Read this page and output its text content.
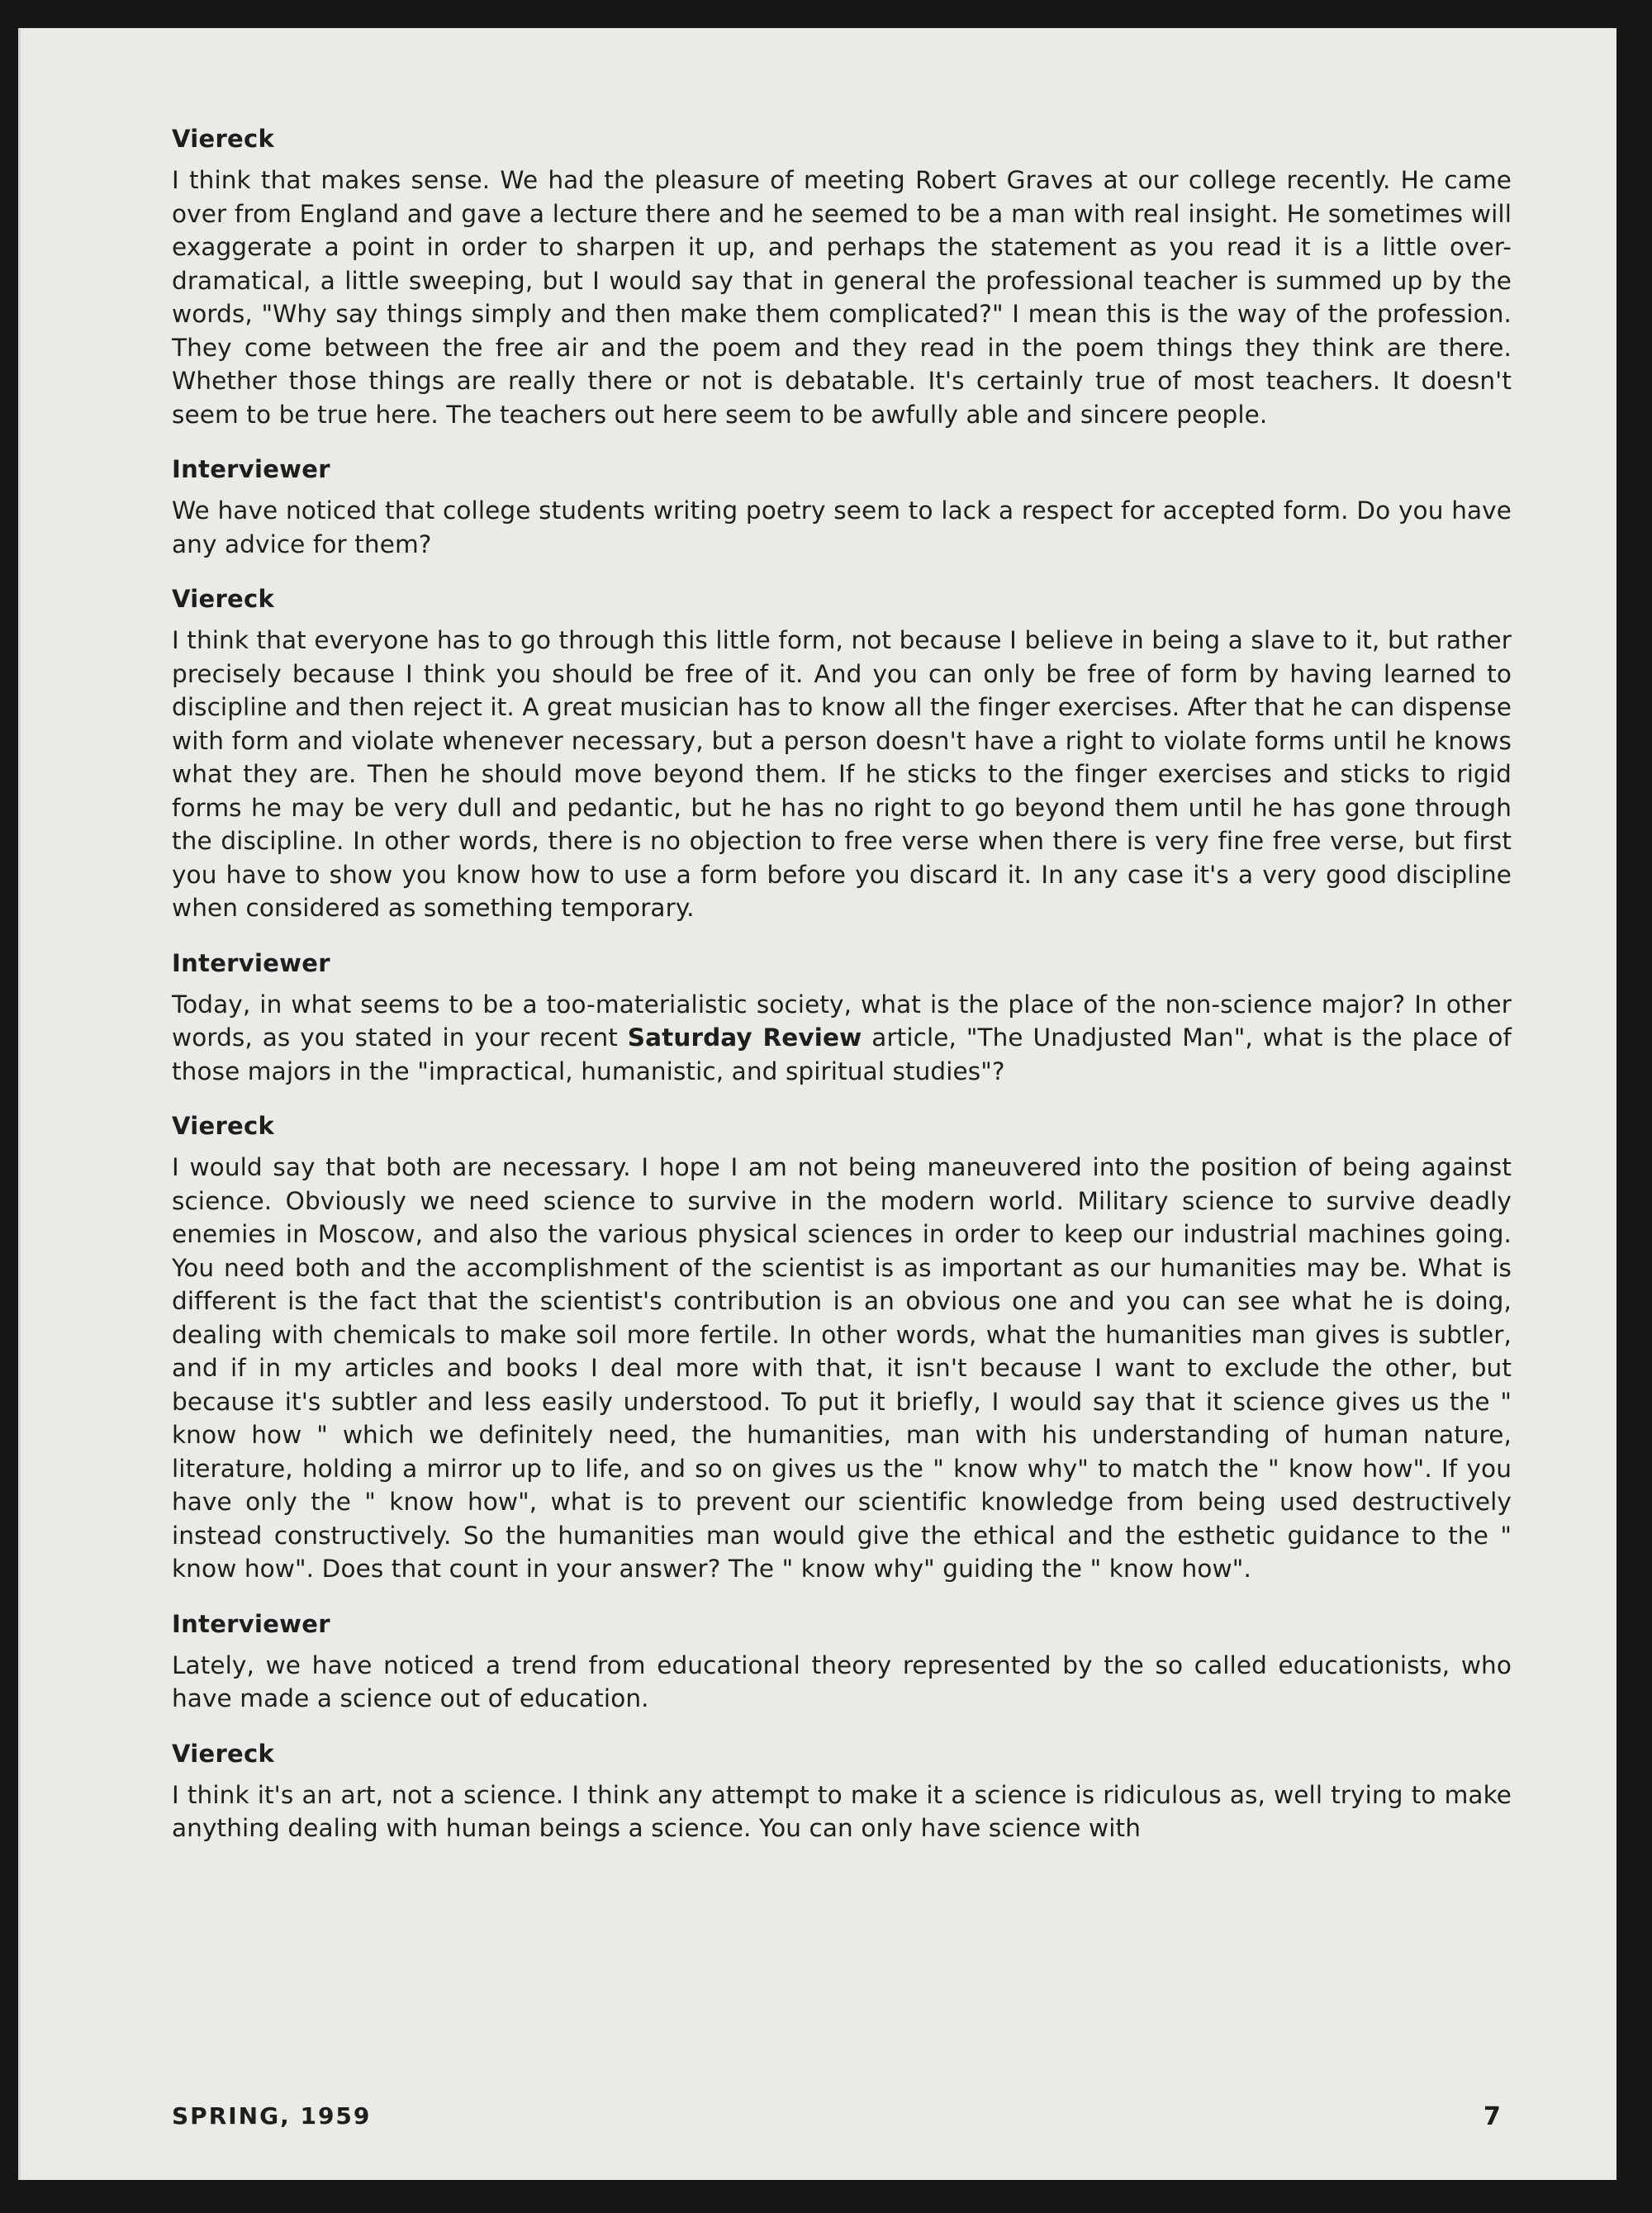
Viereck

I think that makes sense. We had the pleasure of meeting Robert Graves at our college recently. He came over from England and gave a lecture there and he seemed to be a man with real insight. He sometimes will exaggerate a point in order to sharpen it up, and perhaps the statement as you read it is a little over-dramatical, a little sweeping, but I would say that in general the professional teacher is summed up by the words, "Why say things simply and then make them complicated?" I mean this is the way of the profession. They come between the free air and the poem and they read in the poem things they think are there. Whether those things are really there or not is debatable. It's certainly true of most teachers. It doesn't seem to be true here. The teachers out here seem to be awfully able and sincere people.

Interviewer

We have noticed that college students writing poetry seem to lack a respect for accepted form. Do you have any advice for them?

Viereck

I think that everyone has to go through this little form, not because I believe in being a slave to it, but rather precisely because I think you should be free of it. And you can only be free of form by having learned to discipline and then reject it. A great musician has to know all the finger exercises. After that he can dispense with form and violate whenever necessary, but a person doesn't have a right to violate forms until he knows what they are. Then he should move beyond them. If he sticks to the finger exercises and sticks to rigid forms he may be very dull and pedantic, but he has no right to go beyond them until he has gone through the discipline. In other words, there is no objection to free verse when there is very fine free verse, but first you have to show you know how to use a form before you discard it. In any case it's a very good discipline when considered as something temporary.

Interviewer

Today, in what seems to be a too-materialistic society, what is the place of the non-science major? In other words, as you stated in your recent Saturday Review article, "The Unadjusted Man", what is the place of those majors in the "impractical, humanistic, and spiritual studies"?

Viereck

I would say that both are necessary. I hope I am not being maneuvered into the position of being against science. Obviously we need science to survive in the modern world. Military science to survive deadly enemies in Moscow, and also the various physical sciences in order to keep our industrial machines going. You need both and the accomplishment of the scientist is as important as our humanities may be. What is different is the fact that the scientist's contribution is an obvious one and you can see what he is doing, dealing with chemicals to make soil more fertile. In other words, what the humanities man gives is subtler, and if in my articles and books I deal more with that, it isn't because I want to exclude the other, but because it's subtler and less easily understood. To put it briefly, I would say that it science gives us the " know how " which we definitely need, the humanities, man with his understanding of human nature, literature, holding a mirror up to life, and so on gives us the " know why" to match the " know how". If you have only the " know how", what is to prevent our scientific knowledge from being used destructively instead constructively. So the humanities man would give the ethical and the esthetic guidance to the " know how". Does that count in your answer? The " know why" guiding the " know how".

Interviewer

Lately, we have noticed a trend from educational theory represented by the so called educationists, who have made a science out of education.

Viereck

I think it's an art, not a science. I think any attempt to make it a science is ridiculous as, well trying to make anything dealing with human beings a science. You can only have science with

SPRING, 1959	7
